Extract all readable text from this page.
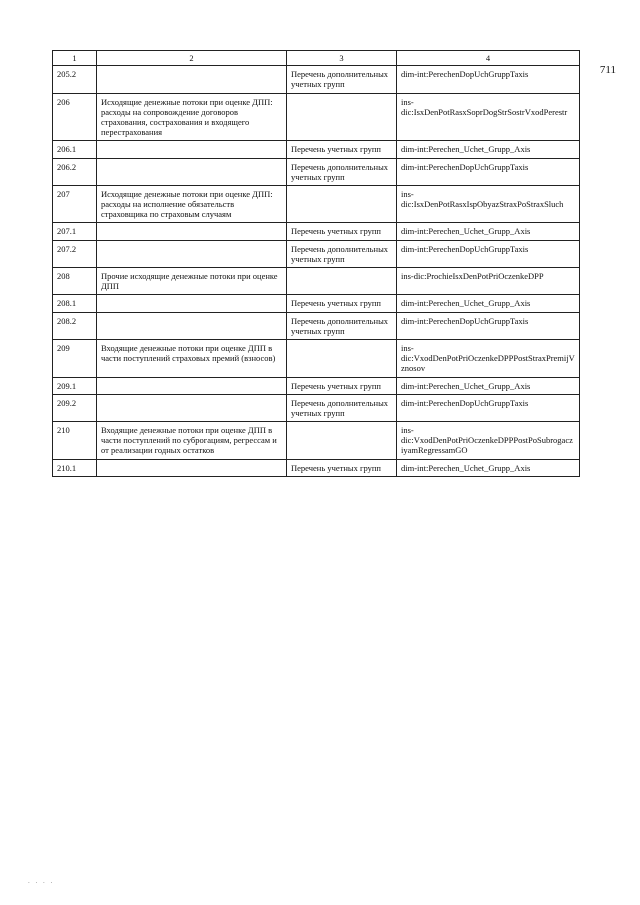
711
1	2	3	4
205.2		Перечень дополнительных учетных групп	dim-int:PerechenDopUchGruppTaxis
206	Исходящие денежные потоки при оценке ДПП: расходы на сопровождение договоров страхования, сострахования и входящего перестрахования		ins-dic:IsxDenPotRasxSoprDogStrSostrVxodPerestr
206.1		Перечень учетных групп	dim-int:Perechen_Uchet_Grupp_Axis
206.2		Перечень дополнительных учетных групп	dim-int:PerechenDopUchGruppTaxis
207	Исходящие денежные потоки при оценке ДПП: расходы на исполнение обязательств страховщика по страховым случаям		ins-dic:IsxDenPotRasxIspObyazStraxPoStraxSluch
207.1		Перечень учетных групп	dim-int:Perechen_Uchet_Grupp_Axis
207.2		Перечень дополнительных учетных групп	dim-int:PerechenDopUchGruppTaxis
208	Прочие исходящие денежные потоки при оценке ДПП		ins-dic:ProchieIsxDenPotPriOczenkeDPP
208.1		Перечень учетных групп	dim-int:Perechen_Uchet_Grupp_Axis
208.2		Перечень дополнительных учетных групп	dim-int:PerechenDopUchGruppTaxis
209	Входящие денежные потоки при оценке ДПП в части поступлений страховых премий (взносов)		ins-dic:VxodDenPotPriOczenkeDPPPostStraxPremijVznosov
209.1		Перечень учетных групп	dim-int:Perechen_Uchet_Grupp_Axis
209.2		Перечень дополнительных учетных групп	dim-int:PerechenDopUchGruppTaxis
210	Входящие денежные потоки при оценке ДПП в части поступлений по суброгациям, регрессам и от реализации годных остатков		ins-dic:VxodDenPotPriOczenkeDPPPostPoSubrogacziyamRegressamGO
210.1		Перечень учетных групп	dim-int:Perechen_Uchet_Grupp_Axis
. . . .
